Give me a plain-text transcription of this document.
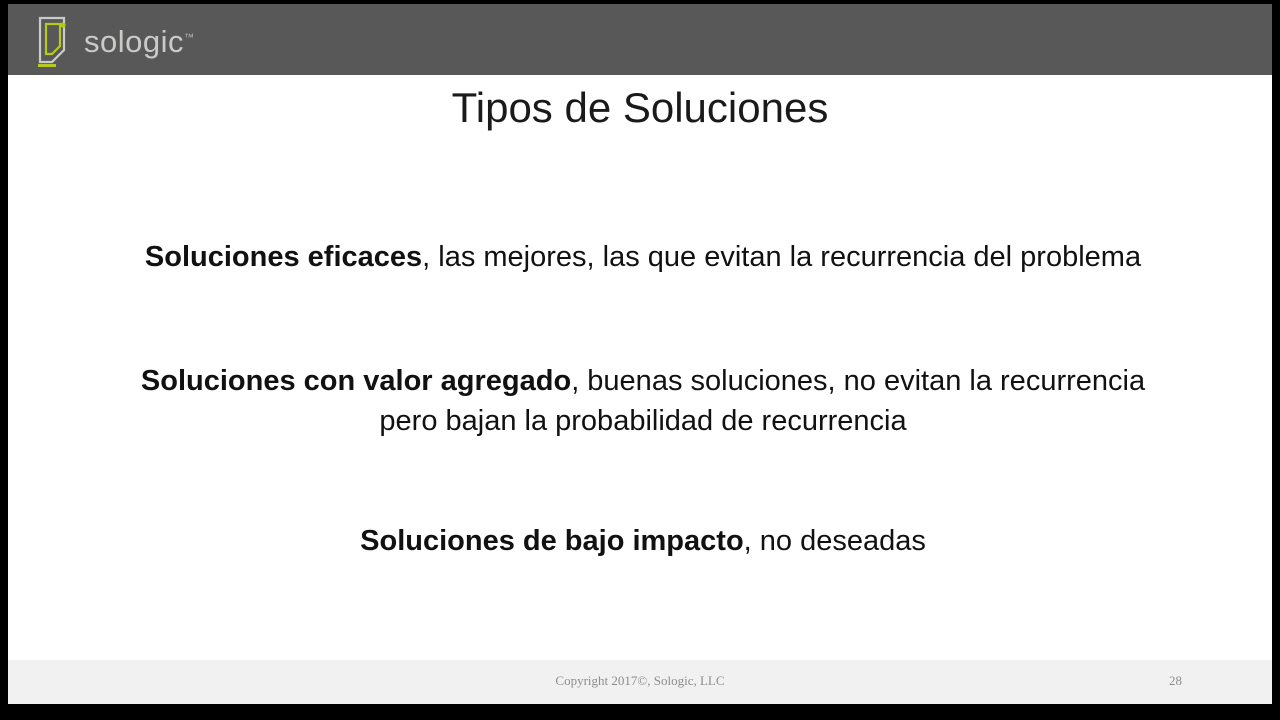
sologic™
Tipos de Soluciones
Soluciones eficaces, las mejores, las que evitan la recurrencia del problema
Soluciones con valor agregado, buenas soluciones, no evitan la recurrencia pero bajan la probabilidad de recurrencia
Soluciones de bajo impacto, no deseadas
Copyright 2017©, Sologic, LLC	28
